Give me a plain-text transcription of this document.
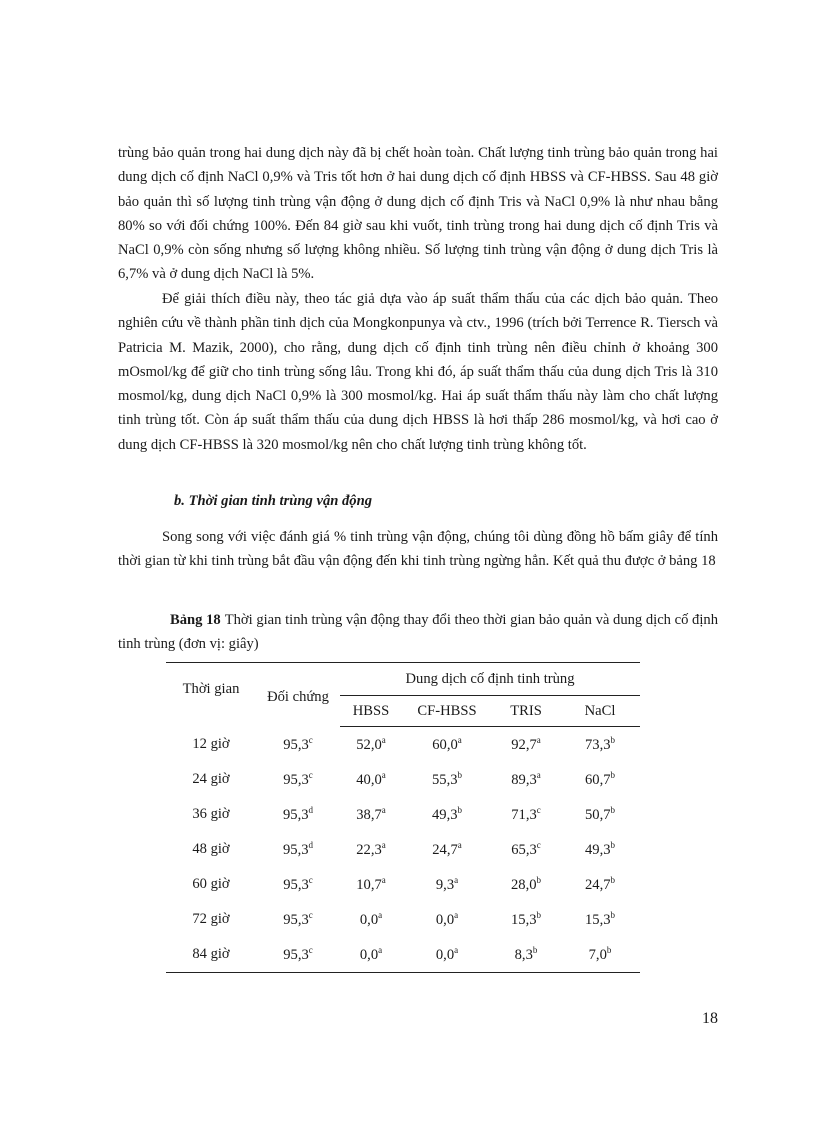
trùng bảo quản trong hai dung dịch này đã bị chết hoàn toàn. Chất lượng tinh trùng bảo quản trong hai dung dịch cố định NaCl 0,9% và Tris tốt hơn ở hai dung dịch cố định HBSS và CF-HBSS. Sau 48 giờ bảo quản thì số lượng tinh trùng vận động ở dung dịch cố định Tris và NaCl 0,9% là như nhau bằng 80% so với đối chứng 100%. Đến 84 giờ sau khi vuốt, tinh trùng trong hai dung dịch cố định Tris và NaCl 0,9% còn sống nhưng số lượng không nhiều. Số lượng tinh trùng vận động ở dung dịch Tris là 6,7% và ở dung dịch NaCl là 5%.
Để giải thích điều này, theo tác giả dựa vào áp suất thẩm thấu của các dịch bảo quản. Theo nghiên cứu về thành phần tinh dịch của Mongkonpunya và ctv., 1996 (trích bởi Terrence R. Tiersch và Patricia M. Mazik, 2000), cho rằng, dung dịch cố định tinh trùng nên điều chỉnh ở khoảng 300 mOsmol/kg để giữ cho tinh trùng sống lâu. Trong khi đó, áp suất thẩm thấu của dung dịch Tris là 310 mosmol/kg, dung dịch NaCl 0,9% là 300 mosmol/kg. Hai áp suất thẩm thấu này làm cho chất lượng tinh trùng tốt. Còn áp suất thẩm thấu của dung dịch HBSS là hơi thấp 286 mosmol/kg, và hơi cao ở dung dịch CF-HBSS là 320 mosmol/kg nên cho chất lượng tinh trùng không tốt.
b. Thời gian tinh trùng vận động
Song song với việc đánh giá % tinh trùng vận động, chúng tôi dùng đồng hồ bấm giây để tính thời gian từ khi tinh trùng bắt đầu vận động đến khi tinh trùng ngừng hẳn. Kết quả thu được ở bảng 18
Bảng 18 Thời gian tinh trùng vận động thay đổi theo thời gian bảo quản và dung dịch cố định tinh trùng (đơn vị: giây)
Thời gian	Đối chứng	Dung dịch cố định tinh trùng			
		HBSS	CF-HBSS	TRIS	NaCl
12 giờ	95,3$^c$	52,0$^a$	60,0$^a$	92,7$^a$	73,3$^b$
24 giờ	95,3$^c$	40,0$^a$	55,3$^b$	89,3$^a$	60,7$^b$
36 giờ	95,3$^d$	38,7$^a$	49,3$^b$	71,3$^c$	50,7$^b$
48 giờ	95,3$^d$	22,3$^a$	24,7$^a$	65,3$^c$	49,3$^b$
60 giờ	95,3$^c$	10,7$^a$	9,3$^a$	28,0$^b$	24,7$^b$
72 giờ	95,3$^c$	0,0$^a$	0,0$^a$	15,3$^b$	15,3$^b$
84 giờ	95,3$^c$	0,0$^a$	0,0$^a$	8,3$^b$	7,0$^b$
18
